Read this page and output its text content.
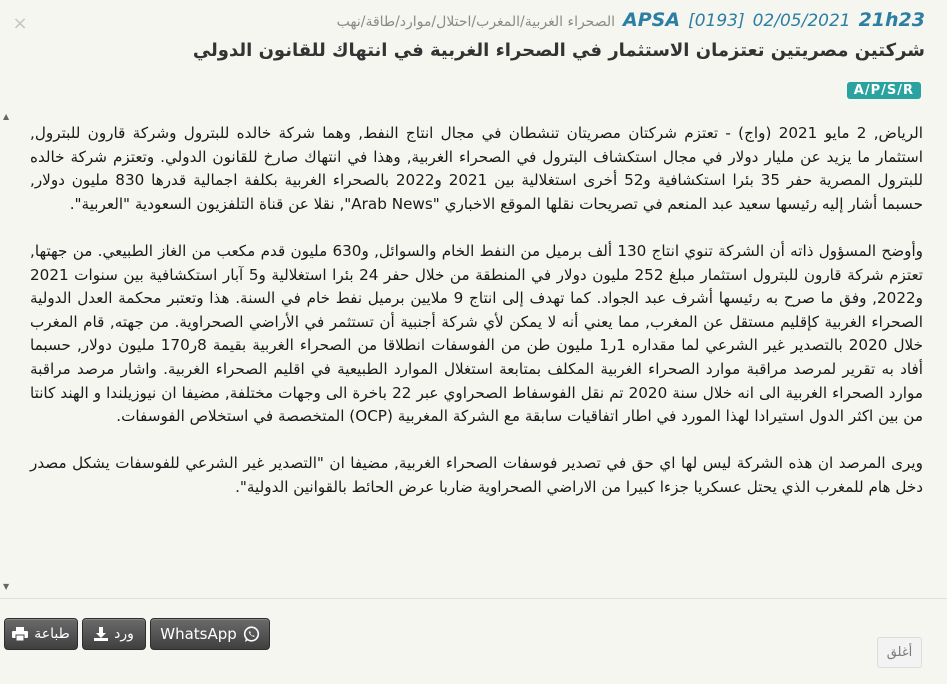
×	21h23
02/05/2021
[0193]
APSA
الصحراء الغربية/المغرب/احتلال/موارد/طاقة/نهب
شركتين مصريتين تعتزمان الاستثمار في الصحراء الغربية في انتهاك للقانون الدولي
A/P/S/R
▲

الرياض, 2 مايو 2021 (واج) - تعتزم شركتان مصريتان تنشطان في مجال انتاج النفط, وهما شركة خالده للبترول وشركة قارون للبترول, استثمار ما يزيد عن مليار دولار في مجال استكشاف البترول في الصحراء الغربية, وهذا في انتهاك صارخ للقانون الدولي. وتعتزم شركة خالده للبترول المصرية حفر 35 بئرا استكشافية و52 أخرى استغلالية بين 2021 و2022 بالصحراء الغربية بكلفة اجمالية قدرها 830 مليون دولار, حسبما أشار إليه رئيسها سعيد عبد المنعم في تصريحات نقلها الموقع الاخباري "Arab News", نقلا عن قناة التلفزيون السعودية "العربية".

وأوضح المسؤول ذاته أن الشركة تنوي انتاج 130 ألف برميل من النفط الخام والسوائل, و630 مليون قدم مكعب من الغاز الطبيعي. من جهتها, تعتزم شركة قارون للبترول استثمار مبلغ 252 مليون دولار في المنطقة من خلال حفر 24 بئرا استغلالية و5 آبار استكشافية بين سنوات 2021 و2022, وفق ما صرح به رئيسها أشرف عبد الجواد. كما تهدف إلى انتاج 9 ملايين برميل نفط خام في السنة. هذا وتعتبر محكمة العدل الدولية الصحراء الغربية كإقليم مستقل عن المغرب, مما يعني أنه لا يمكن لأي شركة أجنبية أن تستثمر في الأراضي الصحراوية. من جهته, قام المغرب خلال 2020 بالتصدير غير الشرعي لما مقداره 1ر1 مليون طن من الفوسفات انطلاقا من الصحراء الغربية بقيمة 8ر170 مليون دولار, حسبما أفاد به تقرير لمرصد مراقبة موارد الصحراء الغربية المكلف بمتابعة استغلال الموارد الطبيعية في اقليم الصحراء الغربية. واشار مرصد مراقبة موارد الصحراء الغربية الى انه خلال سنة 2020 تم نقل الفوسفاط الصحراوي عبر 22 باخرة الى وجهات مختلفة, مضيفا ان نيوزيلندا و الهند كانتا من بين اكثر الدول استيرادا لهذا المورد في اطار اتفاقيات سابقة مع الشركة المغربية (OCP) المتخصصة في استخلاص الفوسفات.

ويرى المرصد ان هذه الشركة ليس لها اي حق في تصدير فوسفات الصحراء الغربية, مضيفا ان "التصدير غير الشرعي للفوسفات يشكل مصدر دخل هام للمغرب الذي يحتل عسكريا جزءا كبيرا من الاراضي الصحراوية ضاربا عرض الحائط بالقوانين الدولية".

▼
طباعة	ورد WhatsApp
أغلق
